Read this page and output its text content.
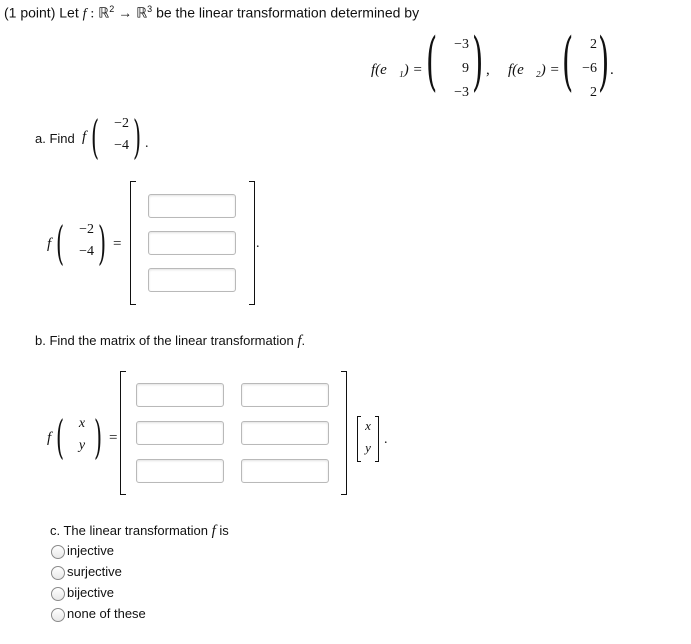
(1 point) Let f : ℝ$^2$ → ℝ$^3$ be the linear transformation determined by
f(e⃗₁) = (	−3
9
−3 ) , f(e⃗₂) = (	2
−6
2 ) .
a. Find f (	−2
−4 ) .
f (	−2
−4 ) =	.
b. Find the matrix of the linear transformation f.
f (	x
y ) =
x
y
.
c. The linear transformation f is
injective
surjective
bijective
none of these
